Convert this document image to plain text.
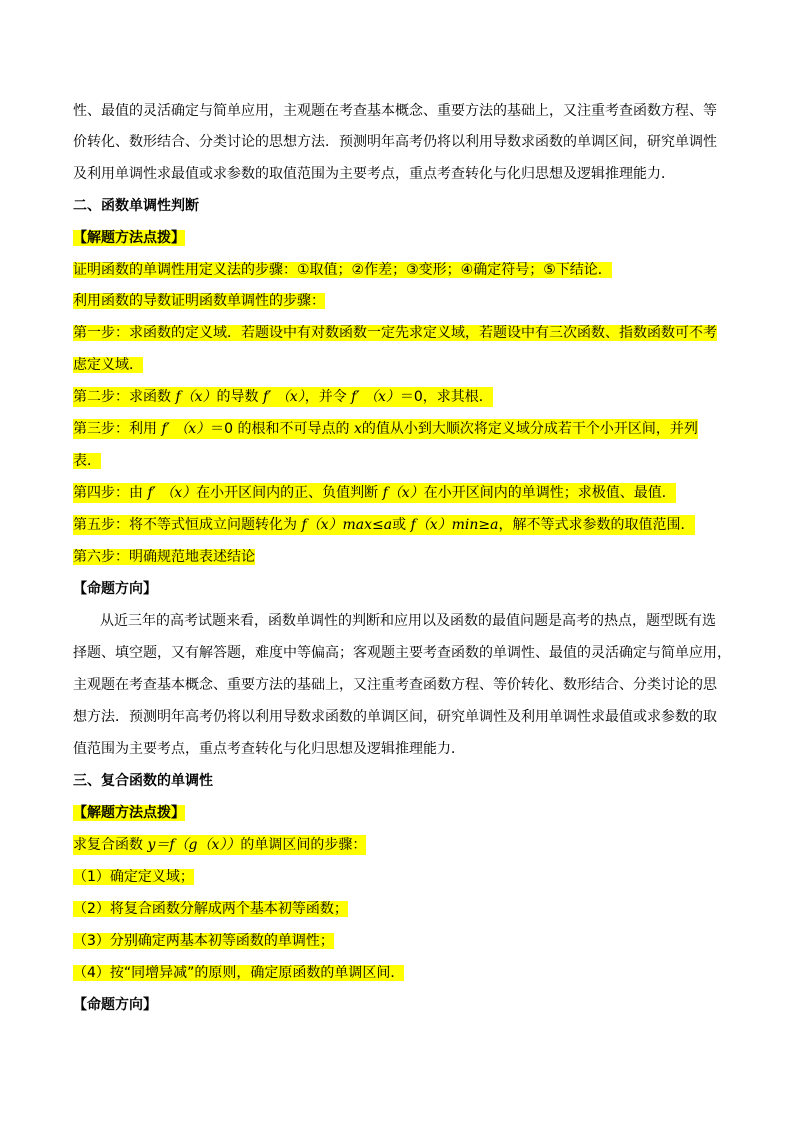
性、最值的灵活确定与简单应用，主观题在考查基本概念、重要方法的基础上，又注重考查函数方程、等
价转化、数形结合、分类讨论的思想方法．预测明年高考仍将以利用导数求函数的单调区间，研究单调性
及利用单调性求最值或求参数的取值范围为主要考点，重点考查转化与化归思想及逻辑推理能力．
二、函数单调性判断
【解题方法点拨】
证明函数的单调性用定义法的步骤：①取值；②作差；③变形；④确定符号；⑤下结论．
利用函数的导数证明函数单调性的步骤：
第一步：求函数的定义域．若题设中有对数函数一定先求定义域，若题设中有三次函数、指数函数可不考
虑定义域．
第二步：求函数 f（x）的导数 f′ （x），并令 f′ （x）＝0，求其根．
第三步：利用 f′ （x）＝0 的根和不可导点的 x的值从小到大顺次将定义域分成若干个小开区间，并列
表．
第四步：由 f′ （x）在小开区间内的正、负值判断 f（x）在小开区间内的单调性；求极值、最值．
第五步：将不等式恒成立问题转化为 f（x）max≤a或 f（x）min≥a，解不等式求参数的取值范围．
第六步：明确规范地表述结论
【命题方向】
从近三年的高考试题来看，函数单调性的判断和应用以及函数的最值问题是高考的热点，题型既有选
择题、填空题，又有解答题，难度中等偏高；客观题主要考查函数的单调性、最值的灵活确定与简单应用，
主观题在考查基本概念、重要方法的基础上，又注重考查函数方程、等价转化、数形结合、分类讨论的思
想方法．预测明年高考仍将以利用导数求函数的单调区间，研究单调性及利用单调性求最值或求参数的取
值范围为主要考点，重点考查转化与化归思想及逻辑推理能力．
三、复合函数的单调性
【解题方法点拨】
求复合函数 y＝f（g（x））的单调区间的步骤：
（1）确定定义域；
（2）将复合函数分解成两个基本初等函数；
（3）分别确定两基本初等函数的单调性；
（4）按“同增异减”的原则，确定原函数的单调区间．
【命题方向】
